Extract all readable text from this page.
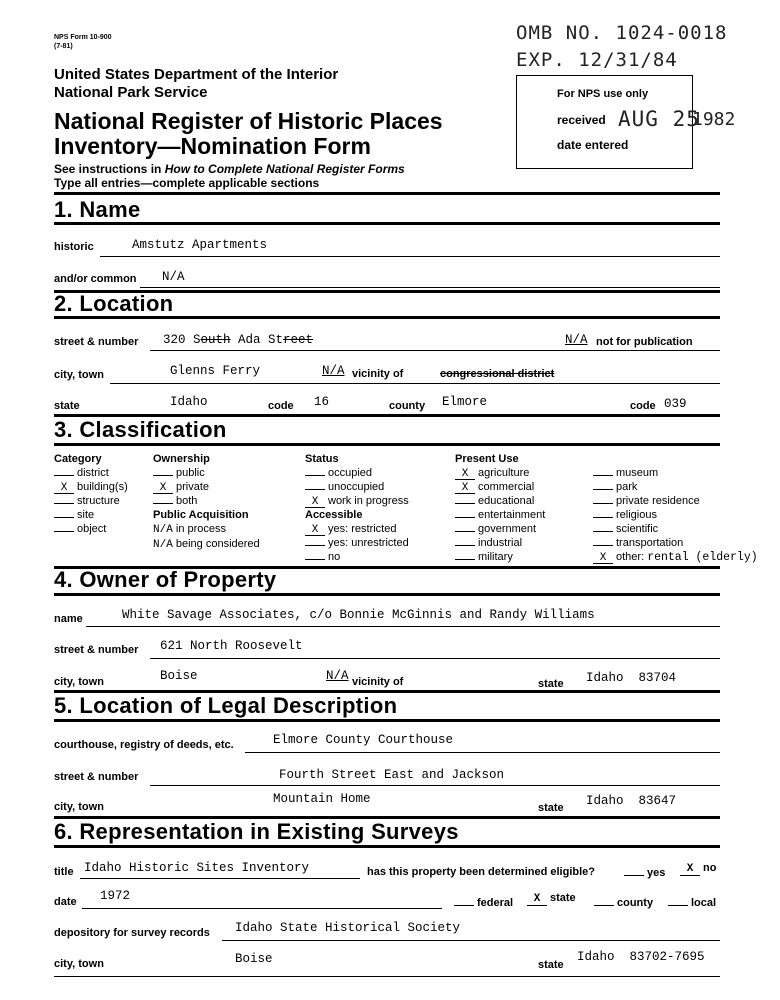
NPS Form 10-900
(7-81)
OMB NO. 1024-0018
EXP. 12/31/84
United States Department of the Interior
National Park Service
National Register of Historic Places
Inventory—Nomination Form
See instructions in How to Complete National Register Forms
Type all entries—complete applicable sections
For NPS use only
received AUG 25
1982
date entered
1. Name
historic	Amstutz Apartments
and/or common N/A
2. Location
street & number 320 South Ada Street	N/A not for publication
city, town	Glenns Ferry	N/A vicinity of	congressional district
state	Idaho	code 16	county Elmore	code 039
3. Classification
Category
district
X building(s)
structure
site
object
Ownership
public
X private
both
Public Acquisition
N/A in process
N/A being considered
Status
occupied
unoccupied
X work in progress
Accessible
X yes: restricted
yes: unrestricted
no
Present Use
X agriculture
X commercial
educational
entertainment
government
industrial
military
museum
park
private residence
religious
scientific
transportation
X other: rental (elderly)
4. Owner of Property
name	White Savage Associates, c/o Bonnie McGinnis and Randy Williams
street & number 621 North Roosevelt
city, town	Boise	N/A vicinity of	state Idaho  83704
5. Location of Legal Description
courthouse, registry of deeds, etc.	Elmore County Courthouse
street & number	Fourth Street East and Jackson
city, town
Mountain Home
state Idaho  83647
6. Representation in Existing Surveys
title Idaho Historic Sites Inventory	has this property been determined eligible?	yes	X no
date 1972	federal	X state	county	local
depository for survey records Idaho State Historical Society
city, town	Boise	state
Idaho  83702-7695
